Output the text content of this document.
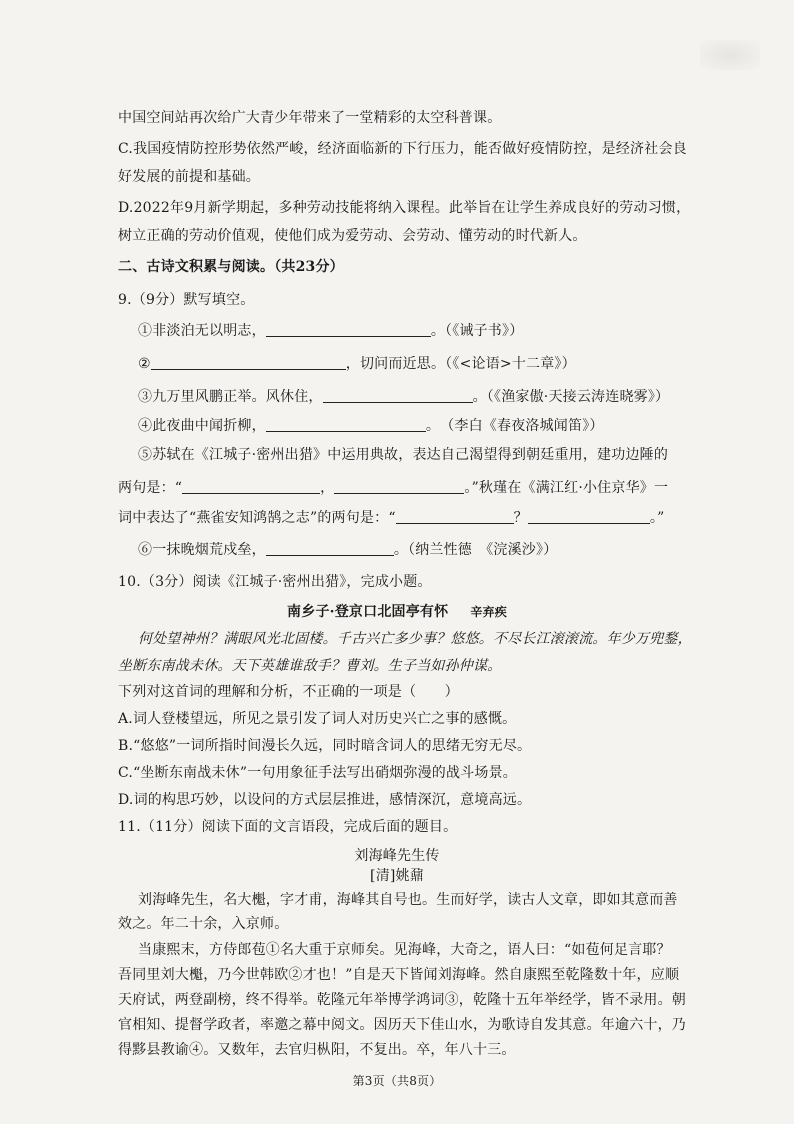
中国空间站再次给广大青少年带来了一堂精彩的太空科普课。
C.我国疫情防控形势依然严峻，经济面临新的下行压力，能否做好疫情防控，是经济社会良
好发展的前提和基础。
D.2022年9月新学期起，多种劳动技能将纳入课程。此举旨在让学生养成良好的劳动习惯，
树立正确的劳动价值观，使他们成为爱劳动、会劳动、懂劳动的时代新人。
二、古诗文积累与阅读。（共23分）
9.（9分）默写填空。
①非淡泊无以明志，	。（《诫子书》）
②	，切问而近思。（《<论语>十二章》）
③九万里风鹏正举。风休住，	。（《渔家傲·天接云涛连晓雾》）
④此夜曲中闻折柳，	。　（李白《春夜洛城闻笛》）
⑤苏轼在《江城子·密州出猎》中运用典故，表达自己渴望得到朝廷重用，建功边陲的
两句是：“	，	。”秋瑾在《满江红·小住京华》一
词中表达了“燕雀安知鸿鹄之志”的两句是：“	？	。”
⑥一抹晚烟荒戍垒，	。（纳兰性德　《浣溪沙》）
10.（3分）阅读《江城子·密州出猎》，完成小题。
南乡子·登京口北固亭有怀 辛弃疾
何处望神州？满眼风光北固楼。千古兴亡多少事？悠悠。不尽长江滚滚流。年少万兜鍪，
坐断东南战未休。天下英雄谁敌手？曹刘。生子当如孙仲谋。
下列对这首词的理解和分析，不正确的一项是（　　）
A.词人登楼望远，所见之景引发了词人对历史兴亡之事的感慨。
B.“悠悠”一词所指时间漫长久远，同时暗含词人的思绪无穷无尽。
C.“坐断东南战未休”一句用象征手法写出硝烟弥漫的战斗场景。
D.词的构思巧妙，以设问的方式层层推进，感情深沉，意境高远。
11.（11分）阅读下面的文言语段，完成后面的题目。
刘海峰先生传
[清]姚鼐
刘海峰先生，名大櫆，字才甫，海峰其自号也。生而好学，读古人文章，即如其意而善
效之。年二十余，入京师。
当康熙末，方侍郎苞①名大重于京师矣。见海峰，大奇之，语人曰：“如苞何足言耶？
吾同里刘大櫆，乃今世韩欧②才也！”自是天下皆闻刘海峰。然自康熙至乾隆数十年，应顺
天府试，两登副榜，终不得举。乾隆元年举博学鸿词③，乾隆十五年举经学，皆不录用。朝
官相知、提督学政者，率邀之幕中阅文。因历天下佳山水，为歌诗自发其意。年逾六十，乃
得黟县教谕④。又数年，去官归枞阳，不复出。卒，年八十三。
第3页（共8页）
